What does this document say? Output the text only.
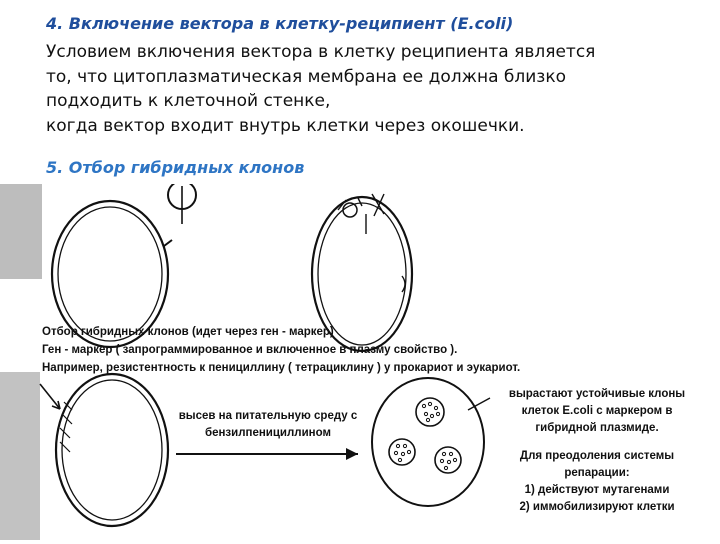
4. Включение вектора в клетку-реципиент (E.coli)
Условием включения вектора в клетку реципиента является
то, что цитоплазматическая мембрана ее должна близко
подходить к клеточной стенке,
когда вектор входит внутрь клетки через окошечки.
5. Отбор гибридных клонов
Отбор гибридных клонов (идет через ген - маркер)
Ген - маркер ( запрограммированное и включенное в плазму свойство ).
Например, резистентность к пенициллину ( тетрациклину ) у прокариот и эукариот.
высев на питательную среду с
бензилпенициллином
вырастают устойчивые клоны
клеток E.coli с маркером в
гибридной плазмиде.
Для преодоления системы
репарации:
1) действуют мутагенами
2) иммобилизируют клетки
